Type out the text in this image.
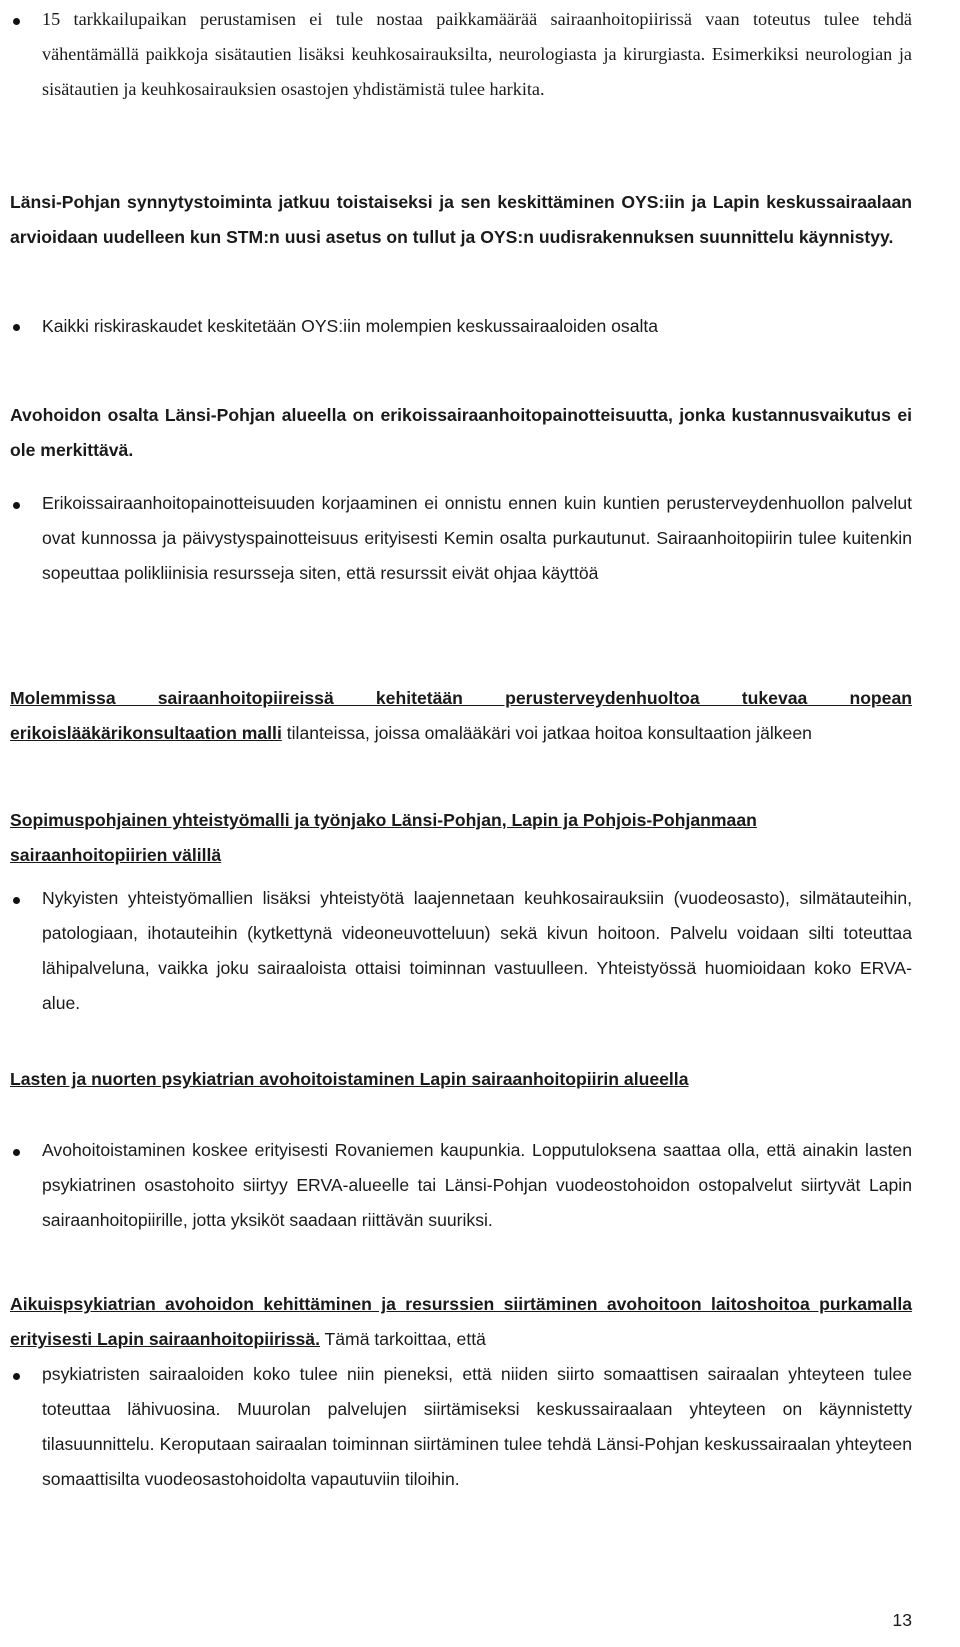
15 tarkkailupaikan perustamisen ei tule nostaa paikkamäärää sairaanhoitopiirissä vaan toteutus tulee tehdä vähentämällä paikkoja sisätautien lisäksi keuhkosairauksilta, neurologiasta ja kirurgiasta. Esimerkiksi neurologian ja sisätautien ja keuhkosairauksien osastojen yhdistämistä tulee harkita.

Länsi-Pohjan synnytystoiminta jatkuu toistaiseksi ja sen keskittäminen OYS:iin ja Lapin keskussairaalaan arvioidaan uudelleen kun STM:n uusi asetus on tullut ja OYS:n uudisrakennuksen suunnittelu käynnistyy.

Kaikki riskiraskaudet keskitetään OYS:iin molempien keskussairaaloiden osalta

Avohoidon osalta Länsi-Pohjan alueella on erikoissairaanhoitopainotteisuutta, jonka kustannusvaikutus ei ole merkittävä.

Erikoissairaanhoitopainotteisuuden korjaaminen ei onnistu ennen kuin kuntien perusterveydenhuollon palvelut ovat kunnossa ja päivystyspainotteisuus erityisesti Kemin osalta purkautunut. Sairaanhoitopiirin tulee kuitenkin sopeuttaa polikliinisia resursseja siten, että resurssit eivät ohjaa käyttöä

Molemmissa sairaanhoitopiireissä kehitetään perusterveydenhuoltoa tukevaa nopean erikoislääkärikonsultaation malli tilanteissa, joissa omalääkäri voi jatkaa hoitoa konsultaation jälkeen

Sopimuspohjainen yhteistyömalli ja työnjako Länsi-Pohjan, Lapin ja Pohjois-Pohjanmaan sairaanhoitopiirien välillä

Nykyisten yhteistyömallien lisäksi yhteistyötä laajennetaan keuhkosairauksiin (vuodeosasto), silmätauteihin, patologiaan, ihotauteihin (kytkettynä videoneuvotteluun) sekä kivun hoitoon. Palvelu voidaan silti toteuttaa lähipalveluna, vaikka joku sairaaloista ottaisi toiminnan vastuulleen. Yhteistyössä huomioidaan koko ERVA-alue.

Lasten ja nuorten psykiatrian avohoitoistaminen Lapin sairaanhoitopiirin alueella

Avohoitoistaminen koskee erityisesti Rovaniemen kaupunkia. Lopputuloksena saattaa olla, että ainakin lasten psykiatrinen osastohoito siirtyy ERVA-alueelle tai Länsi-Pohjan vuodeostohoidon ostopalvelut siirtyvät Lapin sairaanhoitopiirille, jotta yksiköt saadaan riittävän suuriksi.

Aikuispsykiatrian avohoidon kehittäminen ja resurssien siirtäminen avohoitoon laitoshoitoa purkamalla erityisesti Lapin sairaanhoitopiirissä. Tämä tarkoittaa, että

psykiatristen sairaaloiden koko tulee niin pieneksi, että niiden siirto somaattisen sairaalan yhteyteen tulee toteuttaa lähivuosina. Muurolan palvelujen siirtämiseksi keskussairaalaan yhteyteen on käynnistetty tilasuunnittelu. Keroputaan sairaalan toiminnan siirtäminen tulee tehdä Länsi-Pohjan keskussairaalan yhteyteen somaattisilta vuodeosastohoidolta vapautuviin tiloihin.

13
